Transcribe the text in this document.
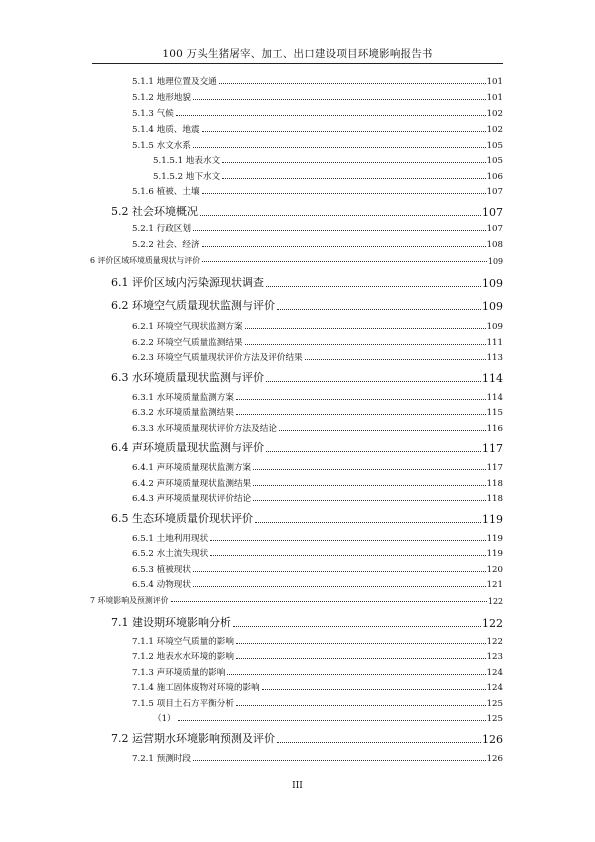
100 万头生猪屠宰、加工、出口建设项目环境影响报告书
5.1.1 地理位置及交通	101
5.1.2 地形地貌	101
5.1.3 气候	102
5.1.4 地质、地震	102
5.1.5 水文水系	105
5.1.5.1 地表水文	105
5.1.5.2 地下水文	106
5.1.6 植被、土壤	107
5.2 社会环境概况	107
5.2.1 行政区划	107
5.2.2 社会、经济	108
6 评价区域环境质量现状与评价	109
6.1 评价区域内污染源现状调查	109
6.2 环境空气质量现状监测与评价	109
6.2.1 环境空气现状监测方案	109
6.2.2 环境空气质量监测结果	111
6.2.3 环境空气质量现状评价方法及评价结果	113
6.3 水环境质量现状监测与评价	114
6.3.1 水环境质量监测方案	114
6.3.2 水环境质量监测结果	115
6.3.3 水环境质量现状评价方法及结论	116
6.4 声环境质量现状监测与评价	117
6.4.1 声环境质量现状监测方案	117
6.4.2 声环境质量现状监测结果	118
6.4.3 声环境质量现状评价结论	118
6.5 生态环境质量价现状评价	119
6.5.1 土地利用现状	119
6.5.2 水土流失现状	119
6.5.3 植被现状	120
6.5.4 动物现状	121
7 环境影响及预测评价	122
7.1 建设期环境影响分析	122
7.1.1 环境空气质量的影响	122
7.1.2 地表水水环境的影响	123
7.1.3 声环境质量的影响	124
7.1.4 施工固体废物对环境的影响	124
7.1.5 项目土石方平衡分析	125
（1）	125
7.2 运营期水环境影响预测及评价	126
7.2.1 预测时段	126
III
